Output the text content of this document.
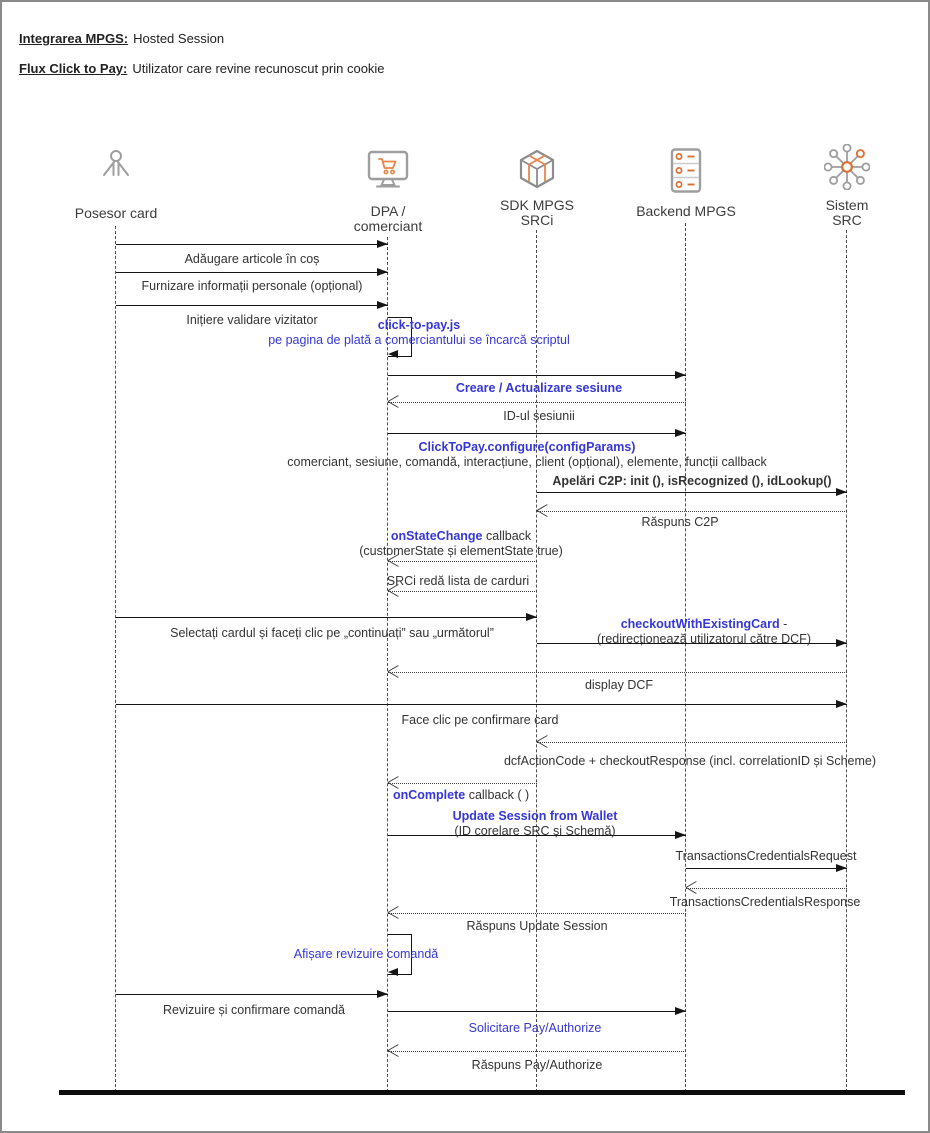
Integrarea MPGS: Hosted Session
Flux Click to Pay: Utilizator care revine recunoscut prin cookie
Posesor card	DPA /
comerciant
SDK MPGS
SRCi
Backend MPGS	Sistem
SRC
Adăugare articole în coș
Furnizare informații personale (opțional)
Inițiere validare vizitator	click-to-pay.js
pe pagina de plată a comerciantului se încarcă scriptul
Creare / Actualizare sesiune
ID-ul sesiunii
ClickToPay.configure(configParams)
comerciant, sesiune, comandă, interacțiune, client (opțional), elemente, funcții callback
Apelări C2P: init (), isRecognized (), idLookup()
Răspuns C2P
onStateChange callback
(customerState și elementState true)
SRCi redă lista de carduri
Selectați cardul și faceți clic pe „continuați” sau „următorul”
checkoutWithExistingCard -
(redirecționează utilizatorul către DCF)
display DCF
Face clic pe confirmare card
dcfActionCode + checkoutResponse (incl. correlationID și Scheme)
onComplete callback ( )
Update Session from Wallet
(ID corelare SRC și Schemă)
TransactionsCredentialsRequest
TransactionsCredentialsResponse
Răspuns Update Session
Afișare revizuire comandă
Revizuire și confirmare comandă
Solicitare Pay/Authorize
Răspuns Pay/Authorize
